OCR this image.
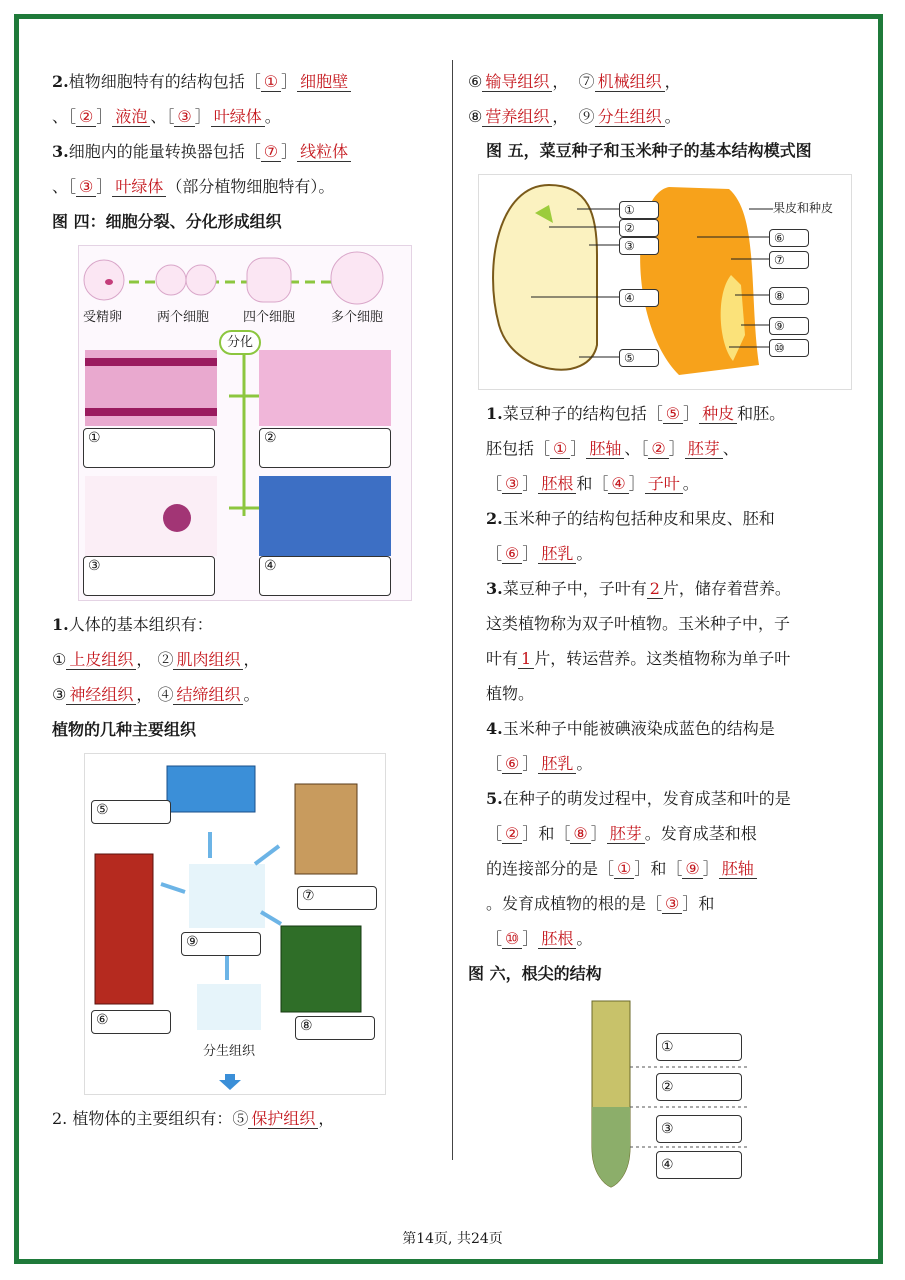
2.植物细胞特有的结构包括［ ① ］ 细胞壁
、［ ② ］ 液泡 、［ ③ ］ 叶绿体 。
3.细胞内的能量转换器包括［ ⑦ ］ 线粒体
、［ ③ ］ 叶绿体 （部分植物细胞特有）。
图 四：细胞分裂、分化形成组织
受精卵	两个细胞	四个细胞	多个细胞
分化
①	②
③	④
1.人体的基本组织有：
① 上皮组织 ， ② 肌肉组织 ，
③ 神经组织 ， ④ 结缔组织 。
植物的几种主要组织
⑤
⑦
⑨
⑥	⑧
分生组织
2. 植物体的主要组织有：⑤ 保护组织 ，
⑥ 输导组织 ，  ⑦ 机械组织 ，
⑧ 营养组织 ，  ⑨ 分生组织 。
图 五，菜豆种子和玉米种子的基本结构模式图
①
②
③
④
⑤
果皮和种皮
⑥
⑦
⑧
⑨
⑩
1.菜豆种子的结构包括［ ⑤ ］ 种皮 和胚。
胚包括［ ① ］ 胚轴 、［ ② ］ 胚芽 、
［ ③ ］ 胚根 和［ ④ ］ 子叶 。
2.玉米种子的结构包括种皮和果皮、胚和
［ ⑥ ］ 胚乳 。
3.菜豆种子中，子叶有 2 片，储存着营养。
这类植物称为双子叶植物。玉米种子中，子
叶有 1 片，转运营养。这类植物称为单子叶
植物。
4.玉米种子中能被碘液染成蓝色的结构是
［ ⑥ ］ 胚乳 。
5.在种子的萌发过程中，发育成茎和叶的是
［ ② ］和［ ⑧ ］ 胚芽 。发育成茎和根
的连接部分的是［ ① ］和［ ⑨ ］ 胚轴
。发育成植物的根的是［ ③ ］和
［ ⑩ ］ 胚根 。
图 六，根尖的结构
①
②
③
④
第14页, 共24页
